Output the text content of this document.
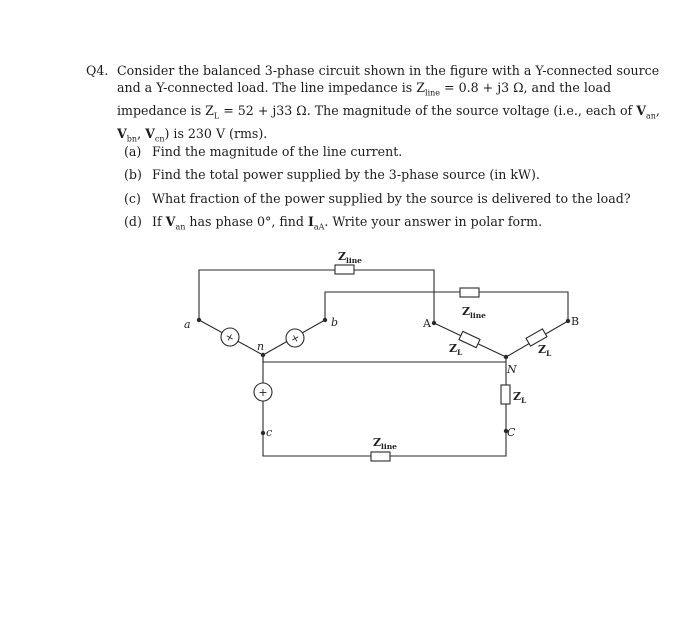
Q4. Consider the balanced 3-phase circuit shown in the figure with a Y-connected source
and a Y-connected load. The line impedance is $Z_{line} = 0.8 + j3$ Ω, and the load
impedance is $Z_L = 52 + j33$ Ω. The magnitude of the source voltage (i.e., each of $V_{an}$,
$V_{bn}$, $V_{cn}$) is 230 V (rms).
(a) Find the magnitude of the line current.
(b) Find the total power supplied by the 3-phase source (in kW).
(c) What fraction of the power supplied by the source is delivered to the load?
(d) If $V_{an}$ has phase 0°, find $I_{aA}$. Write your answer in polar form.
+	+
+
$Z_{line}$
$Z_{line}$
$Z_{line}$
$Z_L$	$Z_L$
$Z_L$
a	b
c
n
A	B
C
N
